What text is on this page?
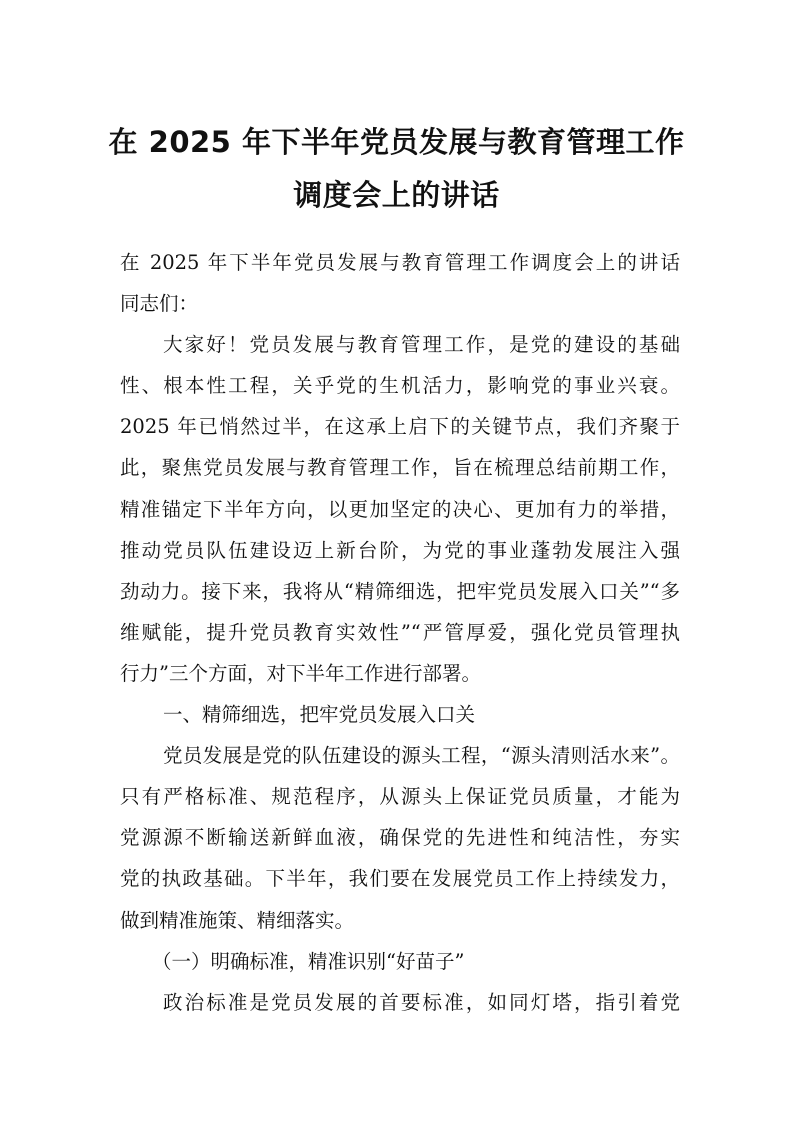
在 2025 年下半年党员发展与教育管理工作
调度会上的讲话
在 2025 年下半年党员发展与教育管理工作调度会上的讲话
同志们：
大家好！党员发展与教育管理工作，是党的建设的基础
性、根本性工程，关乎党的生机活力，影响党的事业兴衰。
2025 年已悄然过半，在这承上启下的关键节点，我们齐聚于
此，聚焦党员发展与教育管理工作，旨在梳理总结前期工作，
精准锚定下半年方向，以更加坚定的决心、更加有力的举措，
推动党员队伍建设迈上新台阶，为党的事业蓬勃发展注入强
劲动力。接下来，我将从“精筛细选，把牢党员发展入口关”“多
维赋能，提升党员教育实效性”“严管厚爱，强化党员管理执
行力”三个方面，对下半年工作进行部署。
一、精筛细选，把牢党员发展入口关
党员发展是党的队伍建设的源头工程，“源头清则活水来”。
只有严格标准、规范程序，从源头上保证党员质量，才能为
党源源不断输送新鲜血液，确保党的先进性和纯洁性，夯实
党的执政基础。下半年，我们要在发展党员工作上持续发力，
做到精准施策、精细落实。
（一）明确标准，精准识别“好苗子”
政治标准是党员发展的首要标准，如同灯塔，指引着党
